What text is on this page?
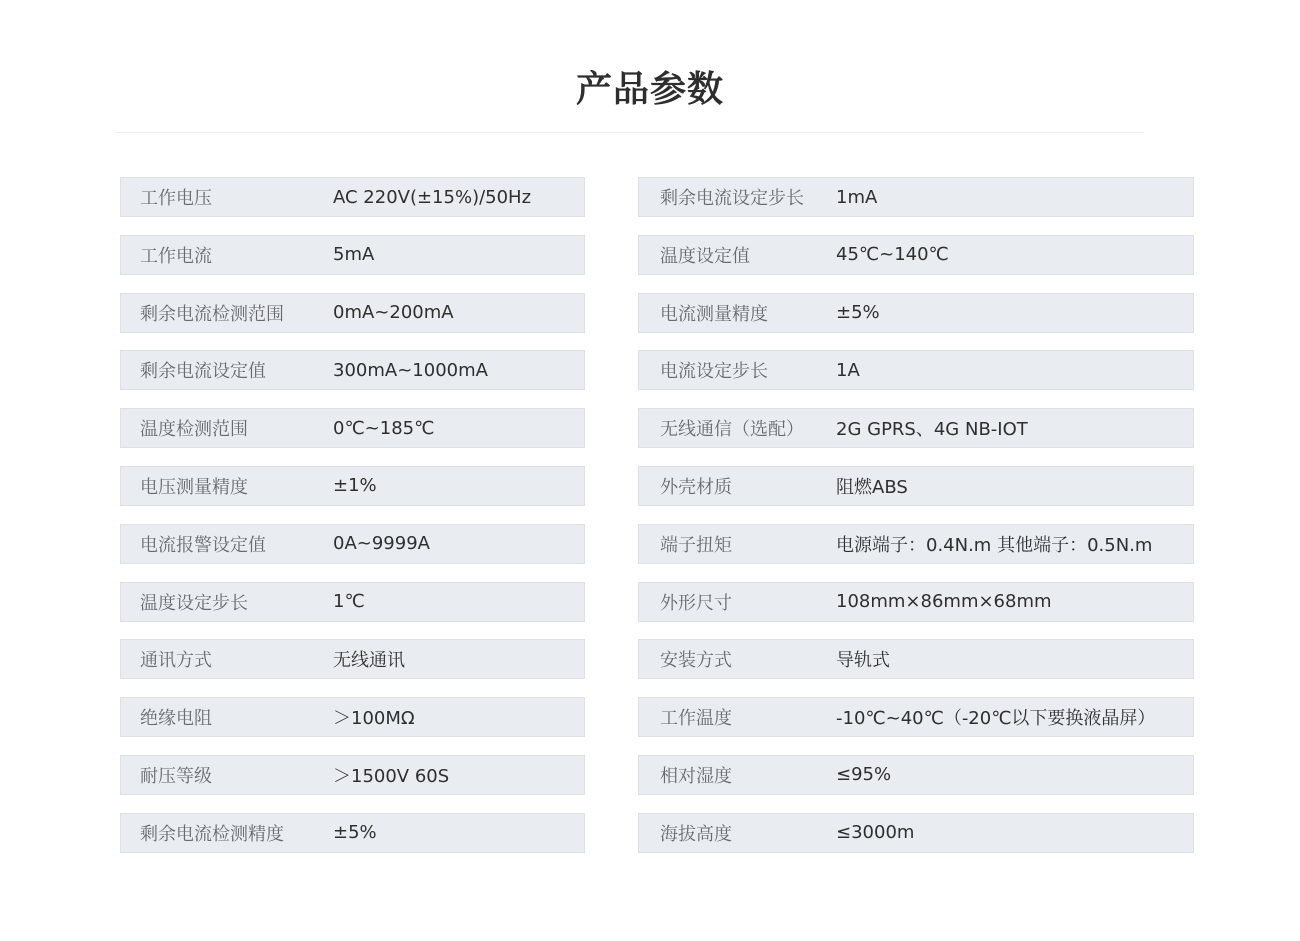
产品参数
工作电压	AC 220V(±15%)/50Hz
工作电流	5mA
剩余电流检测范围	0mA~200mA
剩余电流设定值	300mA~1000mA
温度检测范围	0℃~185℃
电压测量精度	±1%
电流报警设定值	0A~9999A
温度设定步长	1℃
通讯方式	无线通讯
绝缘电阻	＞100MΩ
耐压等级	＞1500V 60S
剩余电流检测精度	±5%
剩余电流设定步长 1mA
温度设定值	45℃~140℃
电流测量精度	±5%
电流设定步长	1A
无线通信（选配） 2G GPRS、4G NB-IOT
外壳材质	阻燃ABS
端子扭矩	电源端子：0.4N.m 其他端子：0.5N.m
外形尺寸	108mm×86mm×68mm
安装方式	导轨式
工作温度	-10℃~40℃（-20℃以下要换液晶屏）
相对湿度	≤95%
海拔高度	≤3000m
